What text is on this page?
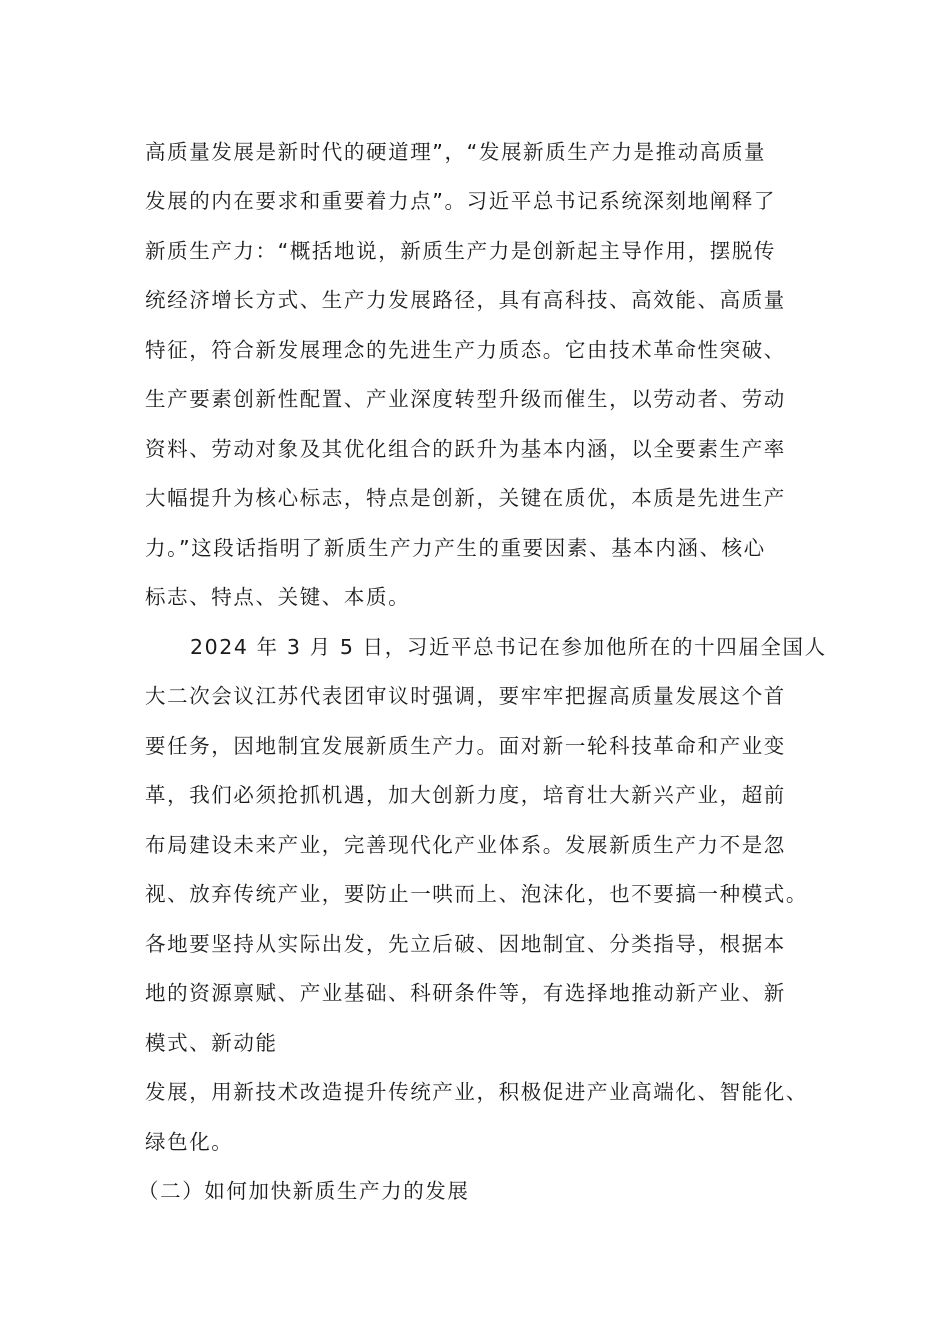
高质量发展是新时代的硬道理”，“发展新质生产力是推动高质量
发展的内在要求和重要着力点”。习近平总书记系统深刻地阐释了
新质生产力：“概括地说，新质生产力是创新起主导作用，摆脱传
统经济增长方式、生产力发展路径，具有高科技、高效能、高质量
特征，符合新发展理念的先进生产力质态。它由技术革命性突破、
生产要素创新性配置、产业深度转型升级而催生，以劳动者、劳动
资料、劳动对象及其优化组合的跃升为基本内涵，以全要素生产率
大幅提升为核心标志，特点是创新，关键在质优，本质是先进生产
力。”这段话指明了新质生产力产生的重要因素、基本内涵、核心
标志、特点、关键、本质。
2024 年 3 月 5 日，习近平总书记在参加他所在的十四届全国人
大二次会议江苏代表团审议时强调，要牢牢把握高质量发展这个首
要任务，因地制宜发展新质生产力。面对新一轮科技革命和产业变
革，我们必须抢抓机遇，加大创新力度，培育壮大新兴产业，超前
布局建设未来产业，完善现代化产业体系。发展新质生产力不是忽
视、放弃传统产业，要防止一哄而上、泡沫化，也不要搞一种模式。
各地要坚持从实际出发，先立后破、因地制宜、分类指导，根据本
地的资源禀赋、产业基础、科研条件等，有选择地推动新产业、新
模式、新动能
发展，用新技术改造提升传统产业，积极促进产业高端化、智能化、
绿色化。
（二）如何加快新质生产力的发展
